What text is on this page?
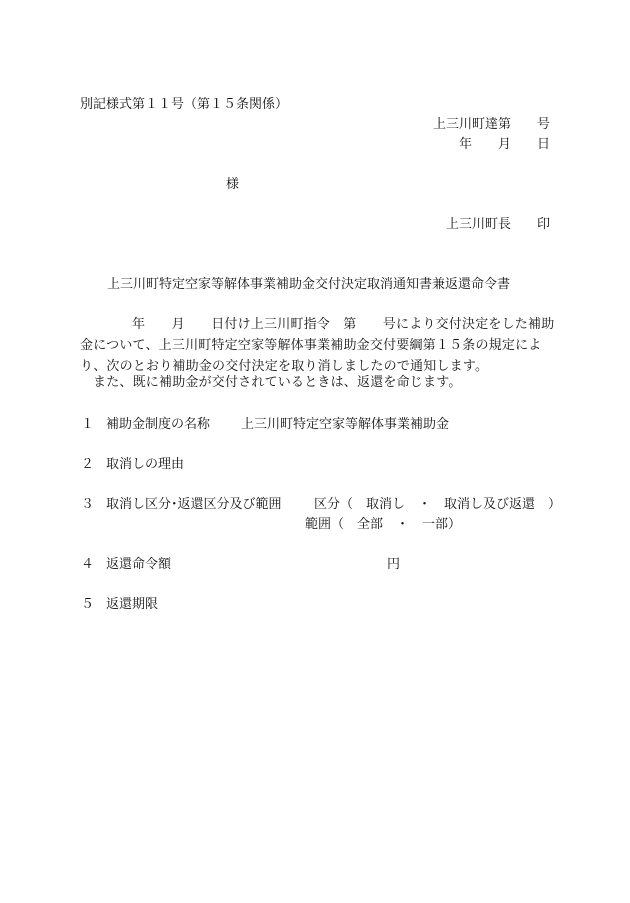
別記様式第１１号（第１５条関係）
上三川町達第　　号
年　　月　　日
様
上三川町長　　印
上三川町特定空家等解体事業補助金交付決定取消通知書兼返還命令書
年　　月　　日付け上三川町指令　第　　号により交付決定をした補助金について、上三川町特定空家等解体事業補助金交付要綱第１５条の規定により、次のとおり補助金の交付決定を取り消しましたので通知します。
また、既に補助金が交付されているときは、返還を命じます。
１ 補助金制度の名称 上三川町特定空家等解体事業補助金
２ 取消しの理由
３ 取消し区分･返還区分及び範囲 区分（　取消し　・　取消し及び返還　）
範囲（　全部　・　一部）
４ 返還命令額	円
５ 返還期限
